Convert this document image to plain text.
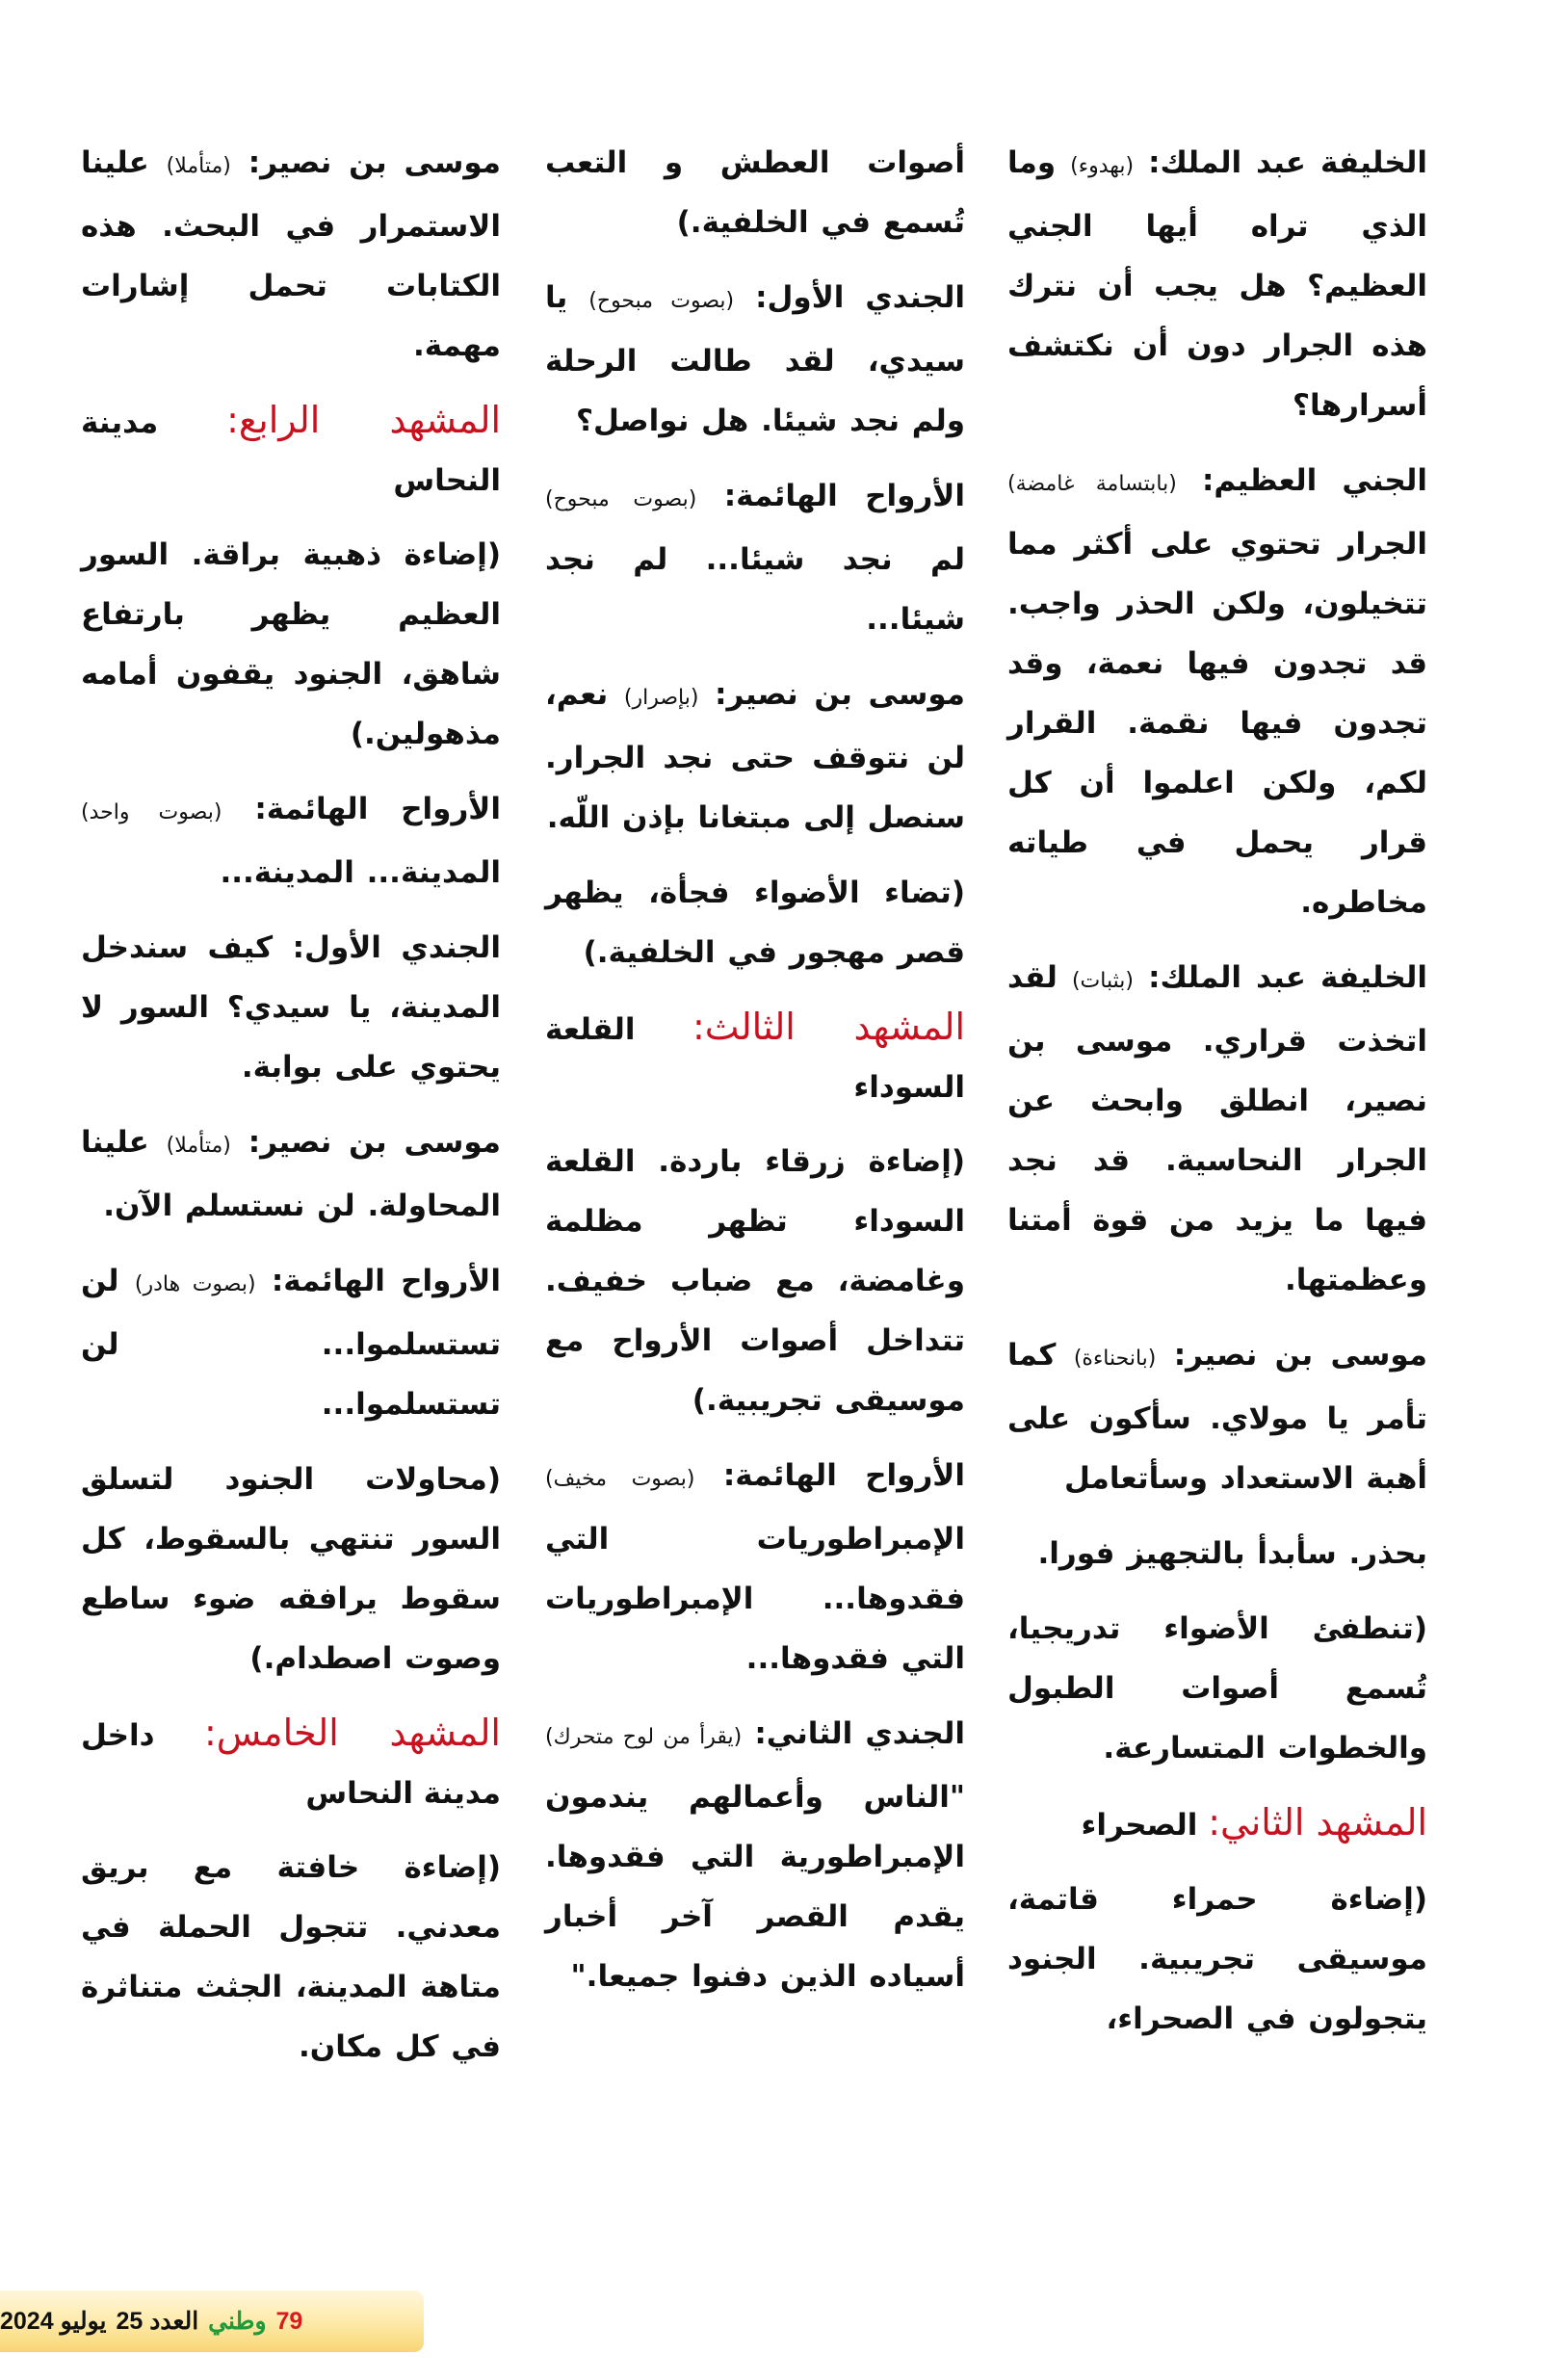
الخليفة عبد الملك: (بهدوء) وما الذي تراه أيها الجني العظيم؟ هل يجب أن نترك هذه الجرار دون أن نكتشف أسرارها؟

الجني العظيم: (بابتسامة غامضة) الجرار تحتوي على أكثر مما تتخيلون، ولكن الحذر واجب. قد تجدون فيها نعمة، وقد تجدون فيها نقمة. القرار لكم، ولكن اعلموا أن كل قرار يحمل في طياته مخاطره.

الخليفة عبد الملك: (بثبات) لقد اتخذت قراري. موسى بن نصير، انطلق وابحث عن الجرار النحاسية. قد نجد فيها ما يزيد من قوة أمتنا وعظمتها.

موسى بن نصير: (بانحناءة) كما تأمر يا مولاي. سأكون على أهبة الاستعداد وسأتعامل

بحذر. سأبدأ بالتجهيز فورا.

(تنطفئ الأضواء تدريجيا، تُسمع أصوات الطبول والخطوات المتسارعة.

المشهد الثاني: الصحراء

(إضاءة حمراء قاتمة، موسيقى تجريبية. الجنود يتجولون في الصحراء،

أصوات العطش و التعب تُسمع في الخلفية.)

الجندي الأول: (بصوت مبحوح) يا سيدي، لقد طالت الرحلة ولم نجد شيئا. هل نواصل؟

الأرواح الهائمة: (بصوت مبحوح) لم نجد شيئا... لم نجد شيئا...

موسى بن نصير: (بإصرار) نعم، لن نتوقف حتى نجد الجرار. سنصل إلى مبتغانا بإذن اللّه.

(تضاء الأضواء فجأة، يظهر قصر مهجور في الخلفية.)

المشهد الثالث: القلعة السوداء

(إضاءة زرقاء باردة. القلعة السوداء تظهر مظلمة وغامضة، مع ضباب خفيف. تتداخل أصوات الأرواح مع موسيقى تجريبية.)

الأرواح الهائمة: (بصوت مخيف) الإمبراطوريات التي فقدوها... الإمبراطوريات التي فقدوها...

الجندي الثاني: (يقرأ من لوح متحرك) "الناس وأعمالهم يندمون الإمبراطورية التي فقدوها. يقدم القصر آخر أخبار أسياده الذين دفنوا جميعا."

موسى بن نصير: (متأملا) علينا الاستمرار في البحث. هذه الكتابات تحمل إشارات مهمة.

المشهد الرابع: مدينة النحاس

(إضاءة ذهبية براقة. السور العظيم يظهر بارتفاع شاهق، الجنود يقفون أمامه مذهولين.)

الأرواح الهائمة: (بصوت واحد) المدينة... المدينة...

الجندي الأول: كيف سندخل المدينة، يا سيدي؟ السور لا يحتوي على بوابة.

موسى بن نصير: (متأملا) علينا المحاولة. لن نستسلم الآن.

الأرواح الهائمة: (بصوت هادر) لن تستسلموا... لن تستسلموا...

(محاولات الجنود لتسلق السور تنتهي بالسقوط، كل سقوط يرافقه ضوء ساطع وصوت اصطدام.)

المشهد الخامس: داخل مدينة النحاس

(إضاءة خافتة مع بريق معدني. تتجول الحملة في متاهة المدينة، الجثث متناثرة في كل مكان.

79
وطني
العدد 25
يوليو 2024
